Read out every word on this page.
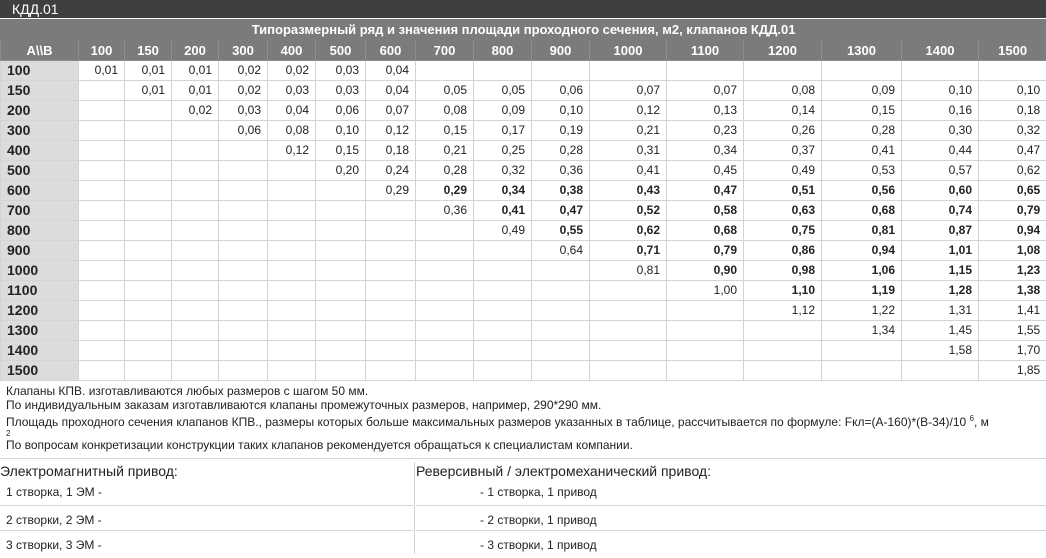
КДД.01
Типоразмерный ряд и значения площади проходного сечения, м2, клапанов КДД.01																
A\\B	100	150	200	300	400	500	600	700	800	900	1000	1100	1200	1300	1400	1500
100	0,01	0,01	0,01	0,02	0,02	0,03	0,04									
150		0,01	0,01	0,02	0,03	0,03	0,04	0,05	0,05	0,06	0,07	0,07	0,08	0,09	0,10	0,10
200			0,02	0,03	0,04	0,06	0,07	0,08	0,09	0,10	0,12	0,13	0,14	0,15	0,16	0,18
300				0,06	0,08	0,10	0,12	0,15	0,17	0,19	0,21	0,23	0,26	0,28	0,30	0,32
400					0,12	0,15	0,18	0,21	0,25	0,28	0,31	0,34	0,37	0,41	0,44	0,47
500						0,20	0,24	0,28	0,32	0,36	0,41	0,45	0,49	0,53	0,57	0,62
600							0,29	0,29	0,34	0,38	0,43	0,47	0,51	0,56	0,60	0,65
700								0,36	0,41	0,47	0,52	0,58	0,63	0,68	0,74	0,79
800									0,49	0,55	0,62	0,68	0,75	0,81	0,87	0,94
900										0,64	0,71	0,79	0,86	0,94	1,01	1,08
1000											0,81	0,90	0,98	1,06	1,15	1,23
1100												1,00	1,10	1,19	1,28	1,38
1200													1,12	1,22	1,31	1,41
1300														1,34	1,45	1,55
1400															1,58	1,70
1500																1,85
Клапаны КПВ. изготавливаются любых размеров с шагом 50 мм.
По индивидуальным заказам изготавливаются клапаны промежуточных размеров, например, 290*290 мм.
Площадь проходного сечения клапанов КПВ., размеры которых больше максимальных размеров указанных в таблице, рассчитывается по формуле: Fкл=(А-160)*(В-34)/10 $^6$, м
2
По вопросам конкретизации конструкции таких клапанов рекомендуется обращаться к специалистам компании.
Электромагнитный привод:	Реверсивный / электромеханический привод:
1 створка, 1 ЭМ -
2 створки, 2 ЭМ -
3 створки, 3 ЭМ -
- 1 створка, 1 привод
- 2 створки, 1 привод
- 3 створки, 1 привод
